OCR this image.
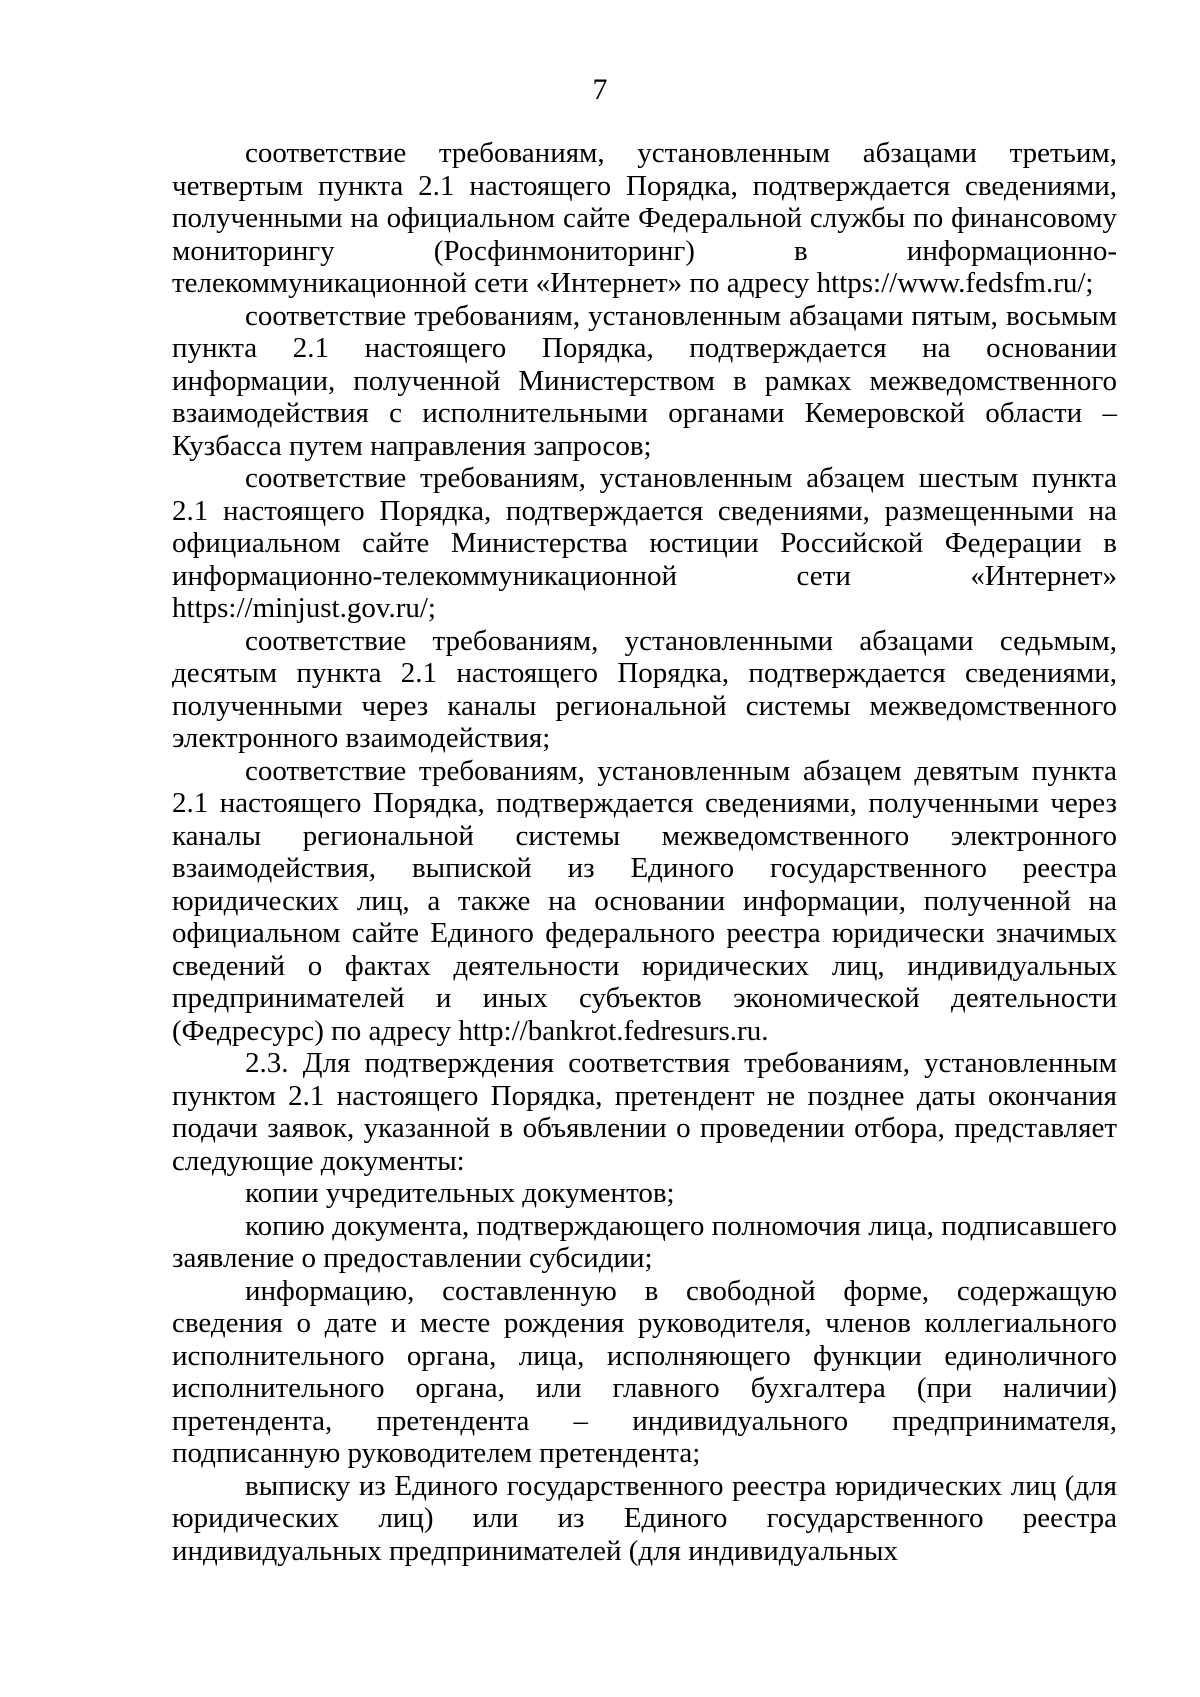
7

соответствие требованиям, установленным абзацами третьим, четвертым пункта 2.1 настоящего Порядка, подтверждается сведениями, полученными на официальном сайте Федеральной службы по финансовому мониторингу (Росфинмониторинг) в информационно-телекоммуникационной сети «Интернет» по адресу https://www.fedsfm.ru/;

соответствие требованиям, установленным абзацами пятым, восьмым пункта 2.1 настоящего Порядка, подтверждается на основании информации, полученной Министерством в рамках межведомственного взаимодействия с исполнительными органами Кемеровской области – Кузбасса путем направления запросов;

соответствие требованиям, установленным абзацем шестым пункта 2.1 настоящего Порядка, подтверждается сведениями, размещенными на официальном сайте Министерства юстиции Российской Федерации в информационно-телекоммуникационной сети «Интернет» https://minjust.gov.ru/;

соответствие требованиям, установленными абзацами седьмым, десятым пункта 2.1 настоящего Порядка, подтверждается сведениями, полученными через каналы региональной системы межведомственного электронного взаимодействия;

соответствие требованиям, установленным абзацем девятым пункта 2.1 настоящего Порядка, подтверждается сведениями, полученными через каналы региональной системы межведомственного электронного взаимодействия, выпиской из Единого государственного реестра юридических лиц, а также на основании информации, полученной на официальном сайте Единого федерального реестра юридически значимых сведений о фактах деятельности юридических лиц, индивидуальных предпринимателей и иных субъектов экономической деятельности (Федресурс) по адресу http://bankrot.fedresurs.ru.

2.3. Для подтверждения соответствия требованиям, установленным пунктом 2.1 настоящего Порядка, претендент не позднее даты окончания подачи заявок, указанной в объявлении о проведении отбора, представляет следующие документы:

копии учредительных документов;

копию документа, подтверждающего полномочия лица, подписавшего заявление о предоставлении субсидии;

информацию, составленную в свободной форме, содержащую сведения о дате и месте рождения руководителя, членов коллегиального исполнительного органа, лица, исполняющего функции единоличного исполнительного органа, или главного бухгалтера (при наличии) претендента, претендента – индивидуального предпринимателя, подписанную руководителем претендента;

выписку из Единого государственного реестра юридических лиц (для юридических лиц) или из Единого государственного реестра индивидуальных предпринимателей (для индивидуальных
